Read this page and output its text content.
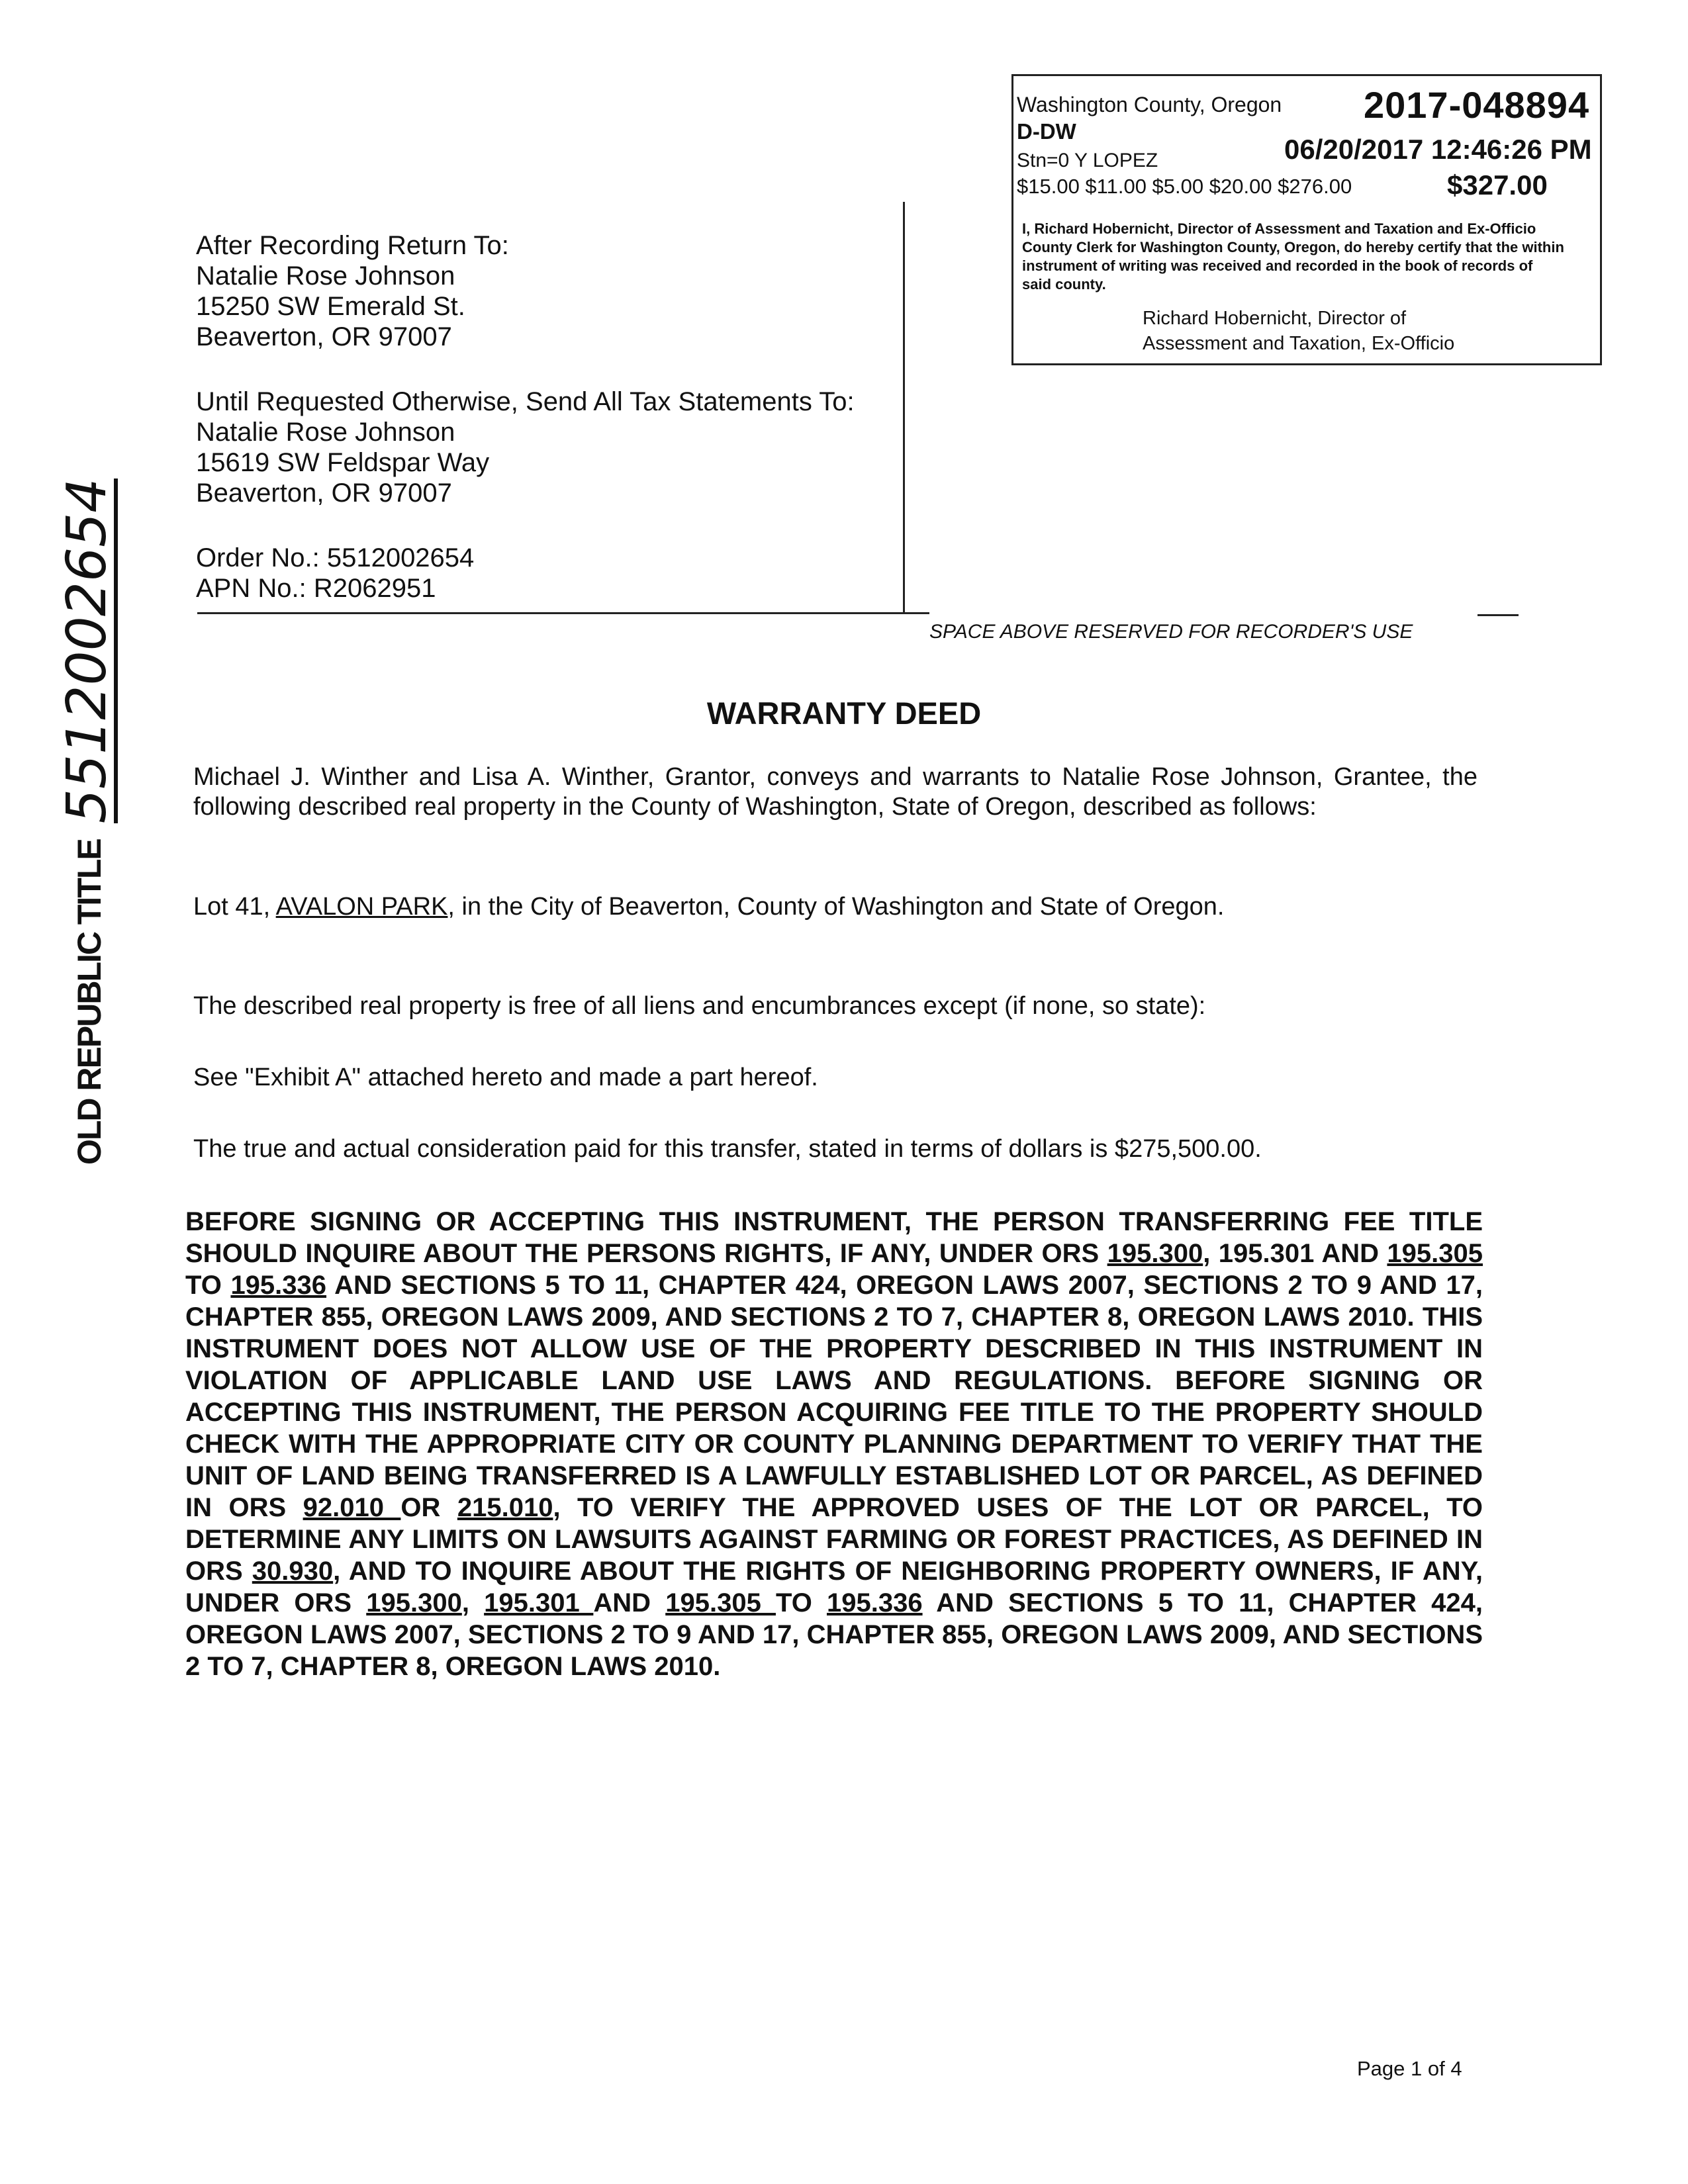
Washington County, Oregon 2017-048894
D-DW
Stn=0 Y LOPEZ	06/20/2017 12:46:26 PM
$15.00 $11.00 $5.00 $20.00 $276.00	$327.00
I, Richard Hobernicht, Director of Assessment and Taxation and Ex-Officio County Clerk for Washington County, Oregon, do hereby certify that the within instrument of writing was received and recorded in the book of records of said county.
Richard Hobernicht, Director of
Assessment and Taxation, Ex-Officio
After Recording Return To:
Natalie Rose Johnson
15250 SW Emerald St.
Beaverton, OR 97007
Until Requested Otherwise, Send All Tax Statements To:
Natalie Rose Johnson
15619 SW Feldspar Way
Beaverton, OR 97007
Order No.: 5512002654
APN No.: R2062951
SPACE ABOVE RESERVED FOR RECORDER'S USE
OLD REPUBLIC TITLE
5512002654	WARRANTY DEED
Michael J. Winther and Lisa A. Winther, Grantor, conveys and warrants to Natalie Rose Johnson, Grantee, the following described real property in the County of Washington, State of Oregon, described as follows:
Lot 41, AVALON PARK, in the City of Beaverton, County of Washington and State of Oregon.
The described real property is free of all liens and encumbrances except (if none, so state):
See "Exhibit A" attached hereto and made a part hereof.
The true and actual consideration paid for this transfer, stated in terms of dollars is $275,500.00.
BEFORE SIGNING OR ACCEPTING THIS INSTRUMENT, THE PERSON TRANSFERRING FEE TITLE SHOULD INQUIRE ABOUT THE PERSONS RIGHTS, IF ANY, UNDER ORS 195.300, 195.301 AND 195.305 TO 195.336 AND SECTIONS 5 TO 11, CHAPTER 424, OREGON LAWS 2007, SECTIONS 2 TO 9 AND 17, CHAPTER 855, OREGON LAWS 2009, AND SECTIONS 2 TO 7, CHAPTER 8, OREGON LAWS 2010. THIS INSTRUMENT DOES NOT ALLOW USE OF THE PROPERTY DESCRIBED IN THIS INSTRUMENT IN VIOLATION OF APPLICABLE LAND USE LAWS AND REGULATIONS. BEFORE SIGNING OR ACCEPTING THIS INSTRUMENT, THE PERSON ACQUIRING FEE TITLE TO THE PROPERTY SHOULD CHECK WITH THE APPROPRIATE CITY OR COUNTY PLANNING DEPARTMENT TO VERIFY THAT THE UNIT OF LAND BEING TRANSFERRED IS A LAWFULLY ESTABLISHED LOT OR PARCEL, AS DEFINED IN ORS 92.010 OR 215.010, TO VERIFY THE APPROVED USES OF THE LOT OR PARCEL, TO DETERMINE ANY LIMITS ON LAWSUITS AGAINST FARMING OR FOREST PRACTICES, AS DEFINED IN ORS 30.930, AND TO INQUIRE ABOUT THE RIGHTS OF NEIGHBORING PROPERTY OWNERS, IF ANY, UNDER ORS 195.300, 195.301 AND 195.305 TO 195.336 AND SECTIONS 5 TO 11, CHAPTER 424, OREGON LAWS 2007, SECTIONS 2 TO 9 AND 17, CHAPTER 855, OREGON LAWS 2009, AND SECTIONS 2 TO 7, CHAPTER 8, OREGON LAWS 2010.
Page 1 of 4
